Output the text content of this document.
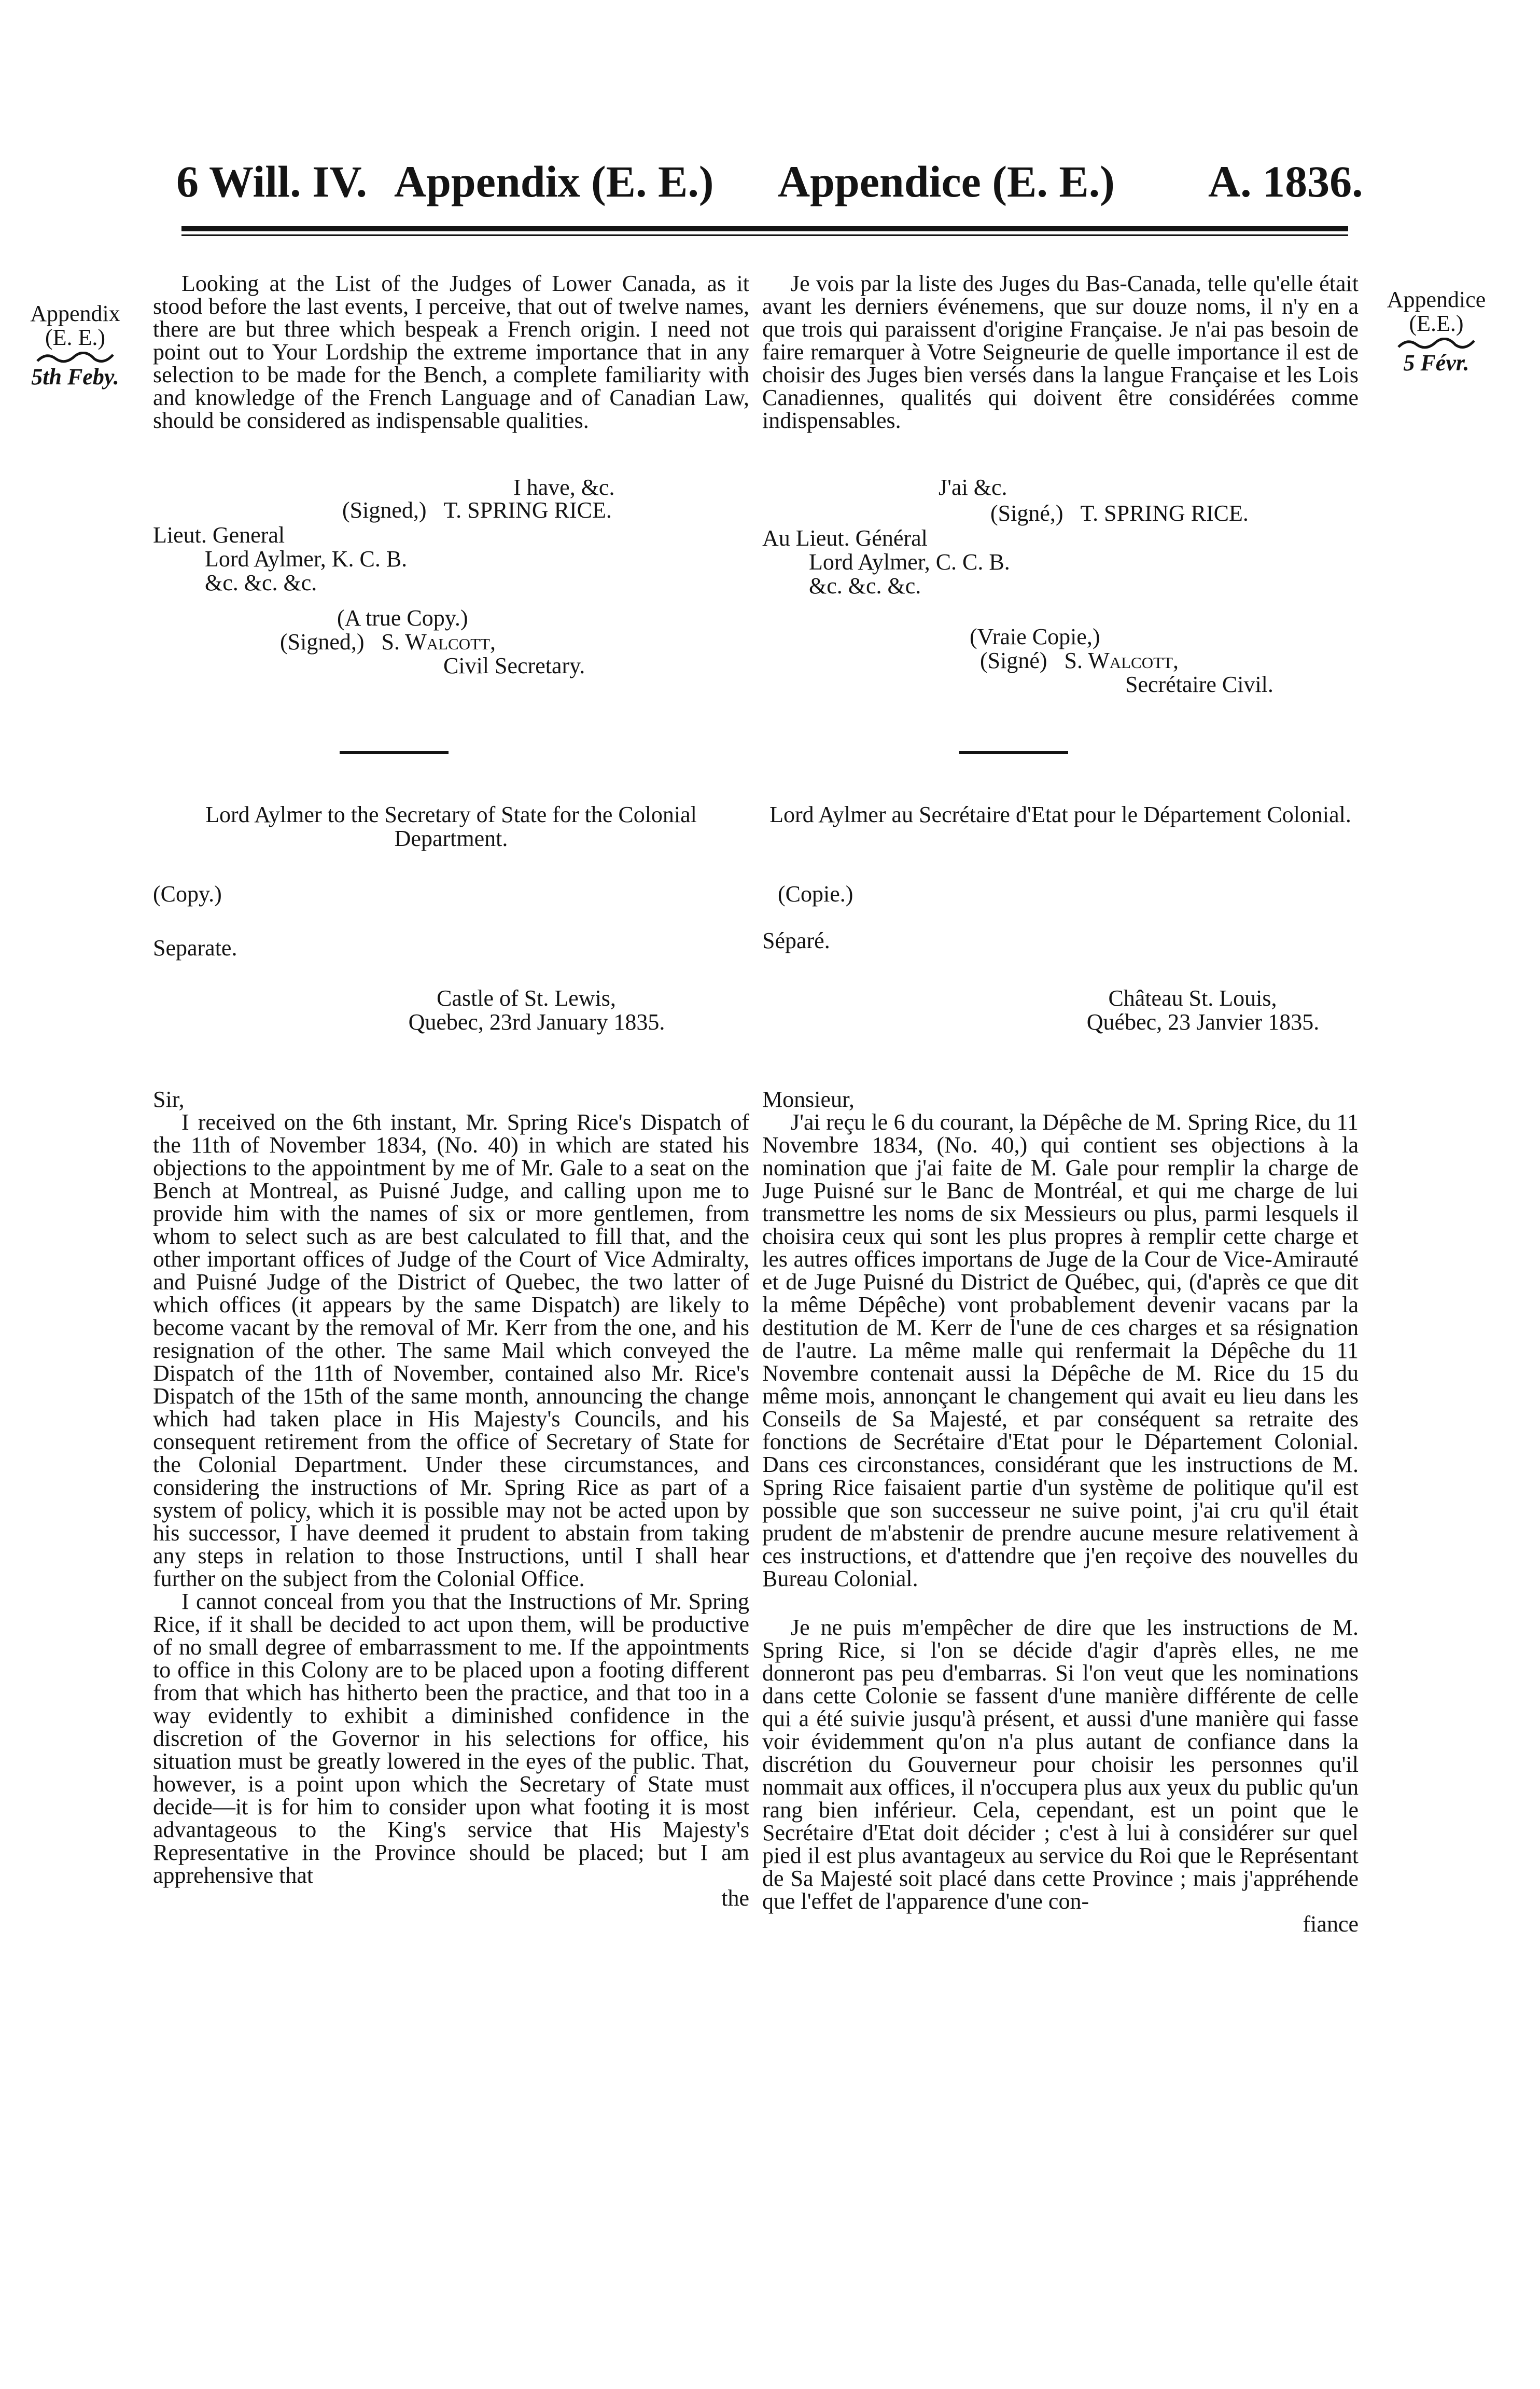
6 Will. IV. Appendix (E. E.) Appendice (E. E.) A. 1836.
Appendix
(E. E.)
5th Feby.
Appendice
(E.E.)
5 Févr.

Looking at the List of the Judges of Lower Canada, as it stood before the last events, I perceive, that out of twelve names, there are but three which bespeak a French origin. I need not point out to Your Lordship the extreme importance that in any selection to be made for the Bench, a complete familiarity with and knowledge of the French Language and of Canadian Law, should be considered as indispensable qualities.

I have, &c.
(Signed,) T. SPRING RICE.
Lieut. General
Lord Aylmer, K. C. B.
&c. &c. &c.
(A true Copy.)
(Signed,) S. Walcott,
Civil Secretary.

Je vois par la liste des Juges du Bas-Canada, telle qu'elle était avant les derniers événemens, que sur douze noms, il n'y en a que trois qui paraissent d'origine Française. Je n'ai pas besoin de faire remarquer à Votre Seigneurie de quelle importance il est de choisir des Juges bien versés dans la langue Française et les Lois Canadiennes, qualités qui doivent être considérées comme indispensables.

J'ai &c.
(Signé,) T. SPRING RICE.
Au Lieut. Général
Lord Aylmer, C. C. B.
&c. &c. &c.
(Vraie Copie,)
(Signé) S. Walcott,
Secrétaire Civil.
Lord Aylmer to the Secretary of State for the Colonial Department.
Lord Aylmer au Secrétaire d'Etat pour le Département Colonial.
(Copy.)	(Copie.)
Separate.	Séparé.
Castle of St. Lewis,
Quebec, 23rd January 1835.
Château St. Louis,
Québec, 23 Janvier 1835.

Sir,

I received on the 6th instant, Mr. Spring Rice's Dispatch of the 11th of November 1834, (No. 40) in which are stated his objections to the appointment by me of Mr. Gale to a seat on the Bench at Montreal, as Puisné Judge, and calling upon me to provide him with the names of six or more gentlemen, from whom to select such as are best calculated to fill that, and the other important offices of Judge of the Court of Vice Admiralty, and Puisné Judge of the District of Quebec, the two latter of which offices (it appears by the same Dispatch) are likely to become vacant by the removal of Mr. Kerr from the one, and his resignation of the other. The same Mail which conveyed the Dispatch of the 11th of November, contained also Mr. Rice's Dispatch of the 15th of the same month, announcing the change which had taken place in His Majesty's Councils, and his consequent retirement from the office of Secretary of State for the Colonial Department. Under these circumstances, and considering the instructions of Mr. Spring Rice as part of a system of policy, which it is possible may not be acted upon by his successor, I have deemed it prudent to abstain from taking any steps in relation to those Instructions, until I shall hear further on the subject from the Colonial Office.

I cannot conceal from you that the Instructions of Mr. Spring Rice, if it shall be decided to act upon them, will be productive of no small degree of embarrassment to me. If the appointments to office in this Colony are to be placed upon a footing different from that which has hitherto been the practice, and that too in a way evidently to exhibit a diminished confidence in the discretion of the Governor in his selections for office, his situation must be greatly lowered in the eyes of the public. That, however, is a point upon which the Secretary of State must decide—it is for him to consider upon what footing it is most advantageous to the King's service that His Majesty's Representative in the Province should be placed; but I am apprehensive that

the

Monsieur,

J'ai reçu le 6 du courant, la Dépêche de M. Spring Rice, du 11 Novembre 1834, (No. 40,) qui contient ses objections à la nomination que j'ai faite de M. Gale pour remplir la charge de Juge Puisné sur le Banc de Montréal, et qui me charge de lui transmettre les noms de six Messieurs ou plus, parmi lesquels il choisira ceux qui sont les plus propres à remplir cette charge et les autres offices importans de Juge de la Cour de Vice-Amirauté et de Juge Puisné du District de Québec, qui, (d'après ce que dit la même Dépêche) vont probablement devenir vacans par la destitution de M. Kerr de l'une de ces charges et sa résignation de l'autre. La même malle qui renfermait la Dépêche du 11 Novembre contenait aussi la Dépêche de M. Rice du 15 du même mois, annonçant le changement qui avait eu lieu dans les Conseils de Sa Majesté, et par conséquent sa retraite des fonctions de Secrétaire d'Etat pour le Département Colonial. Dans ces circonstances, considérant que les instructions de M. Spring Rice faisaient partie d'un système de politique qu'il est possible que son successeur ne suive point, j'ai cru qu'il était prudent de m'abstenir de prendre aucune mesure relativement à ces instructions, et d'attendre que j'en reçoive des nouvelles du Bureau Colonial.

Je ne puis m'empêcher de dire que les instructions de M. Spring Rice, si l'on se décide d'agir d'après elles, ne me donneront pas peu d'embarras. Si l'on veut que les nominations dans cette Colonie se fassent d'une manière différente de celle qui a été suivie jusqu'à présent, et aussi d'une manière qui fasse voir évidemment qu'on n'a plus autant de confiance dans la discrétion du Gouverneur pour choisir les personnes qu'il nommait aux offices, il n'occupera plus aux yeux du public qu'un rang bien inférieur. Cela, cependant, est un point que le Secrétaire d'Etat doit décider ; c'est à lui à considérer sur quel pied il est plus avantageux au service du Roi que le Représentant de Sa Majesté soit placé dans cette Province ; mais j'appréhende que l'effet de l'apparence d'une con-

fiance
